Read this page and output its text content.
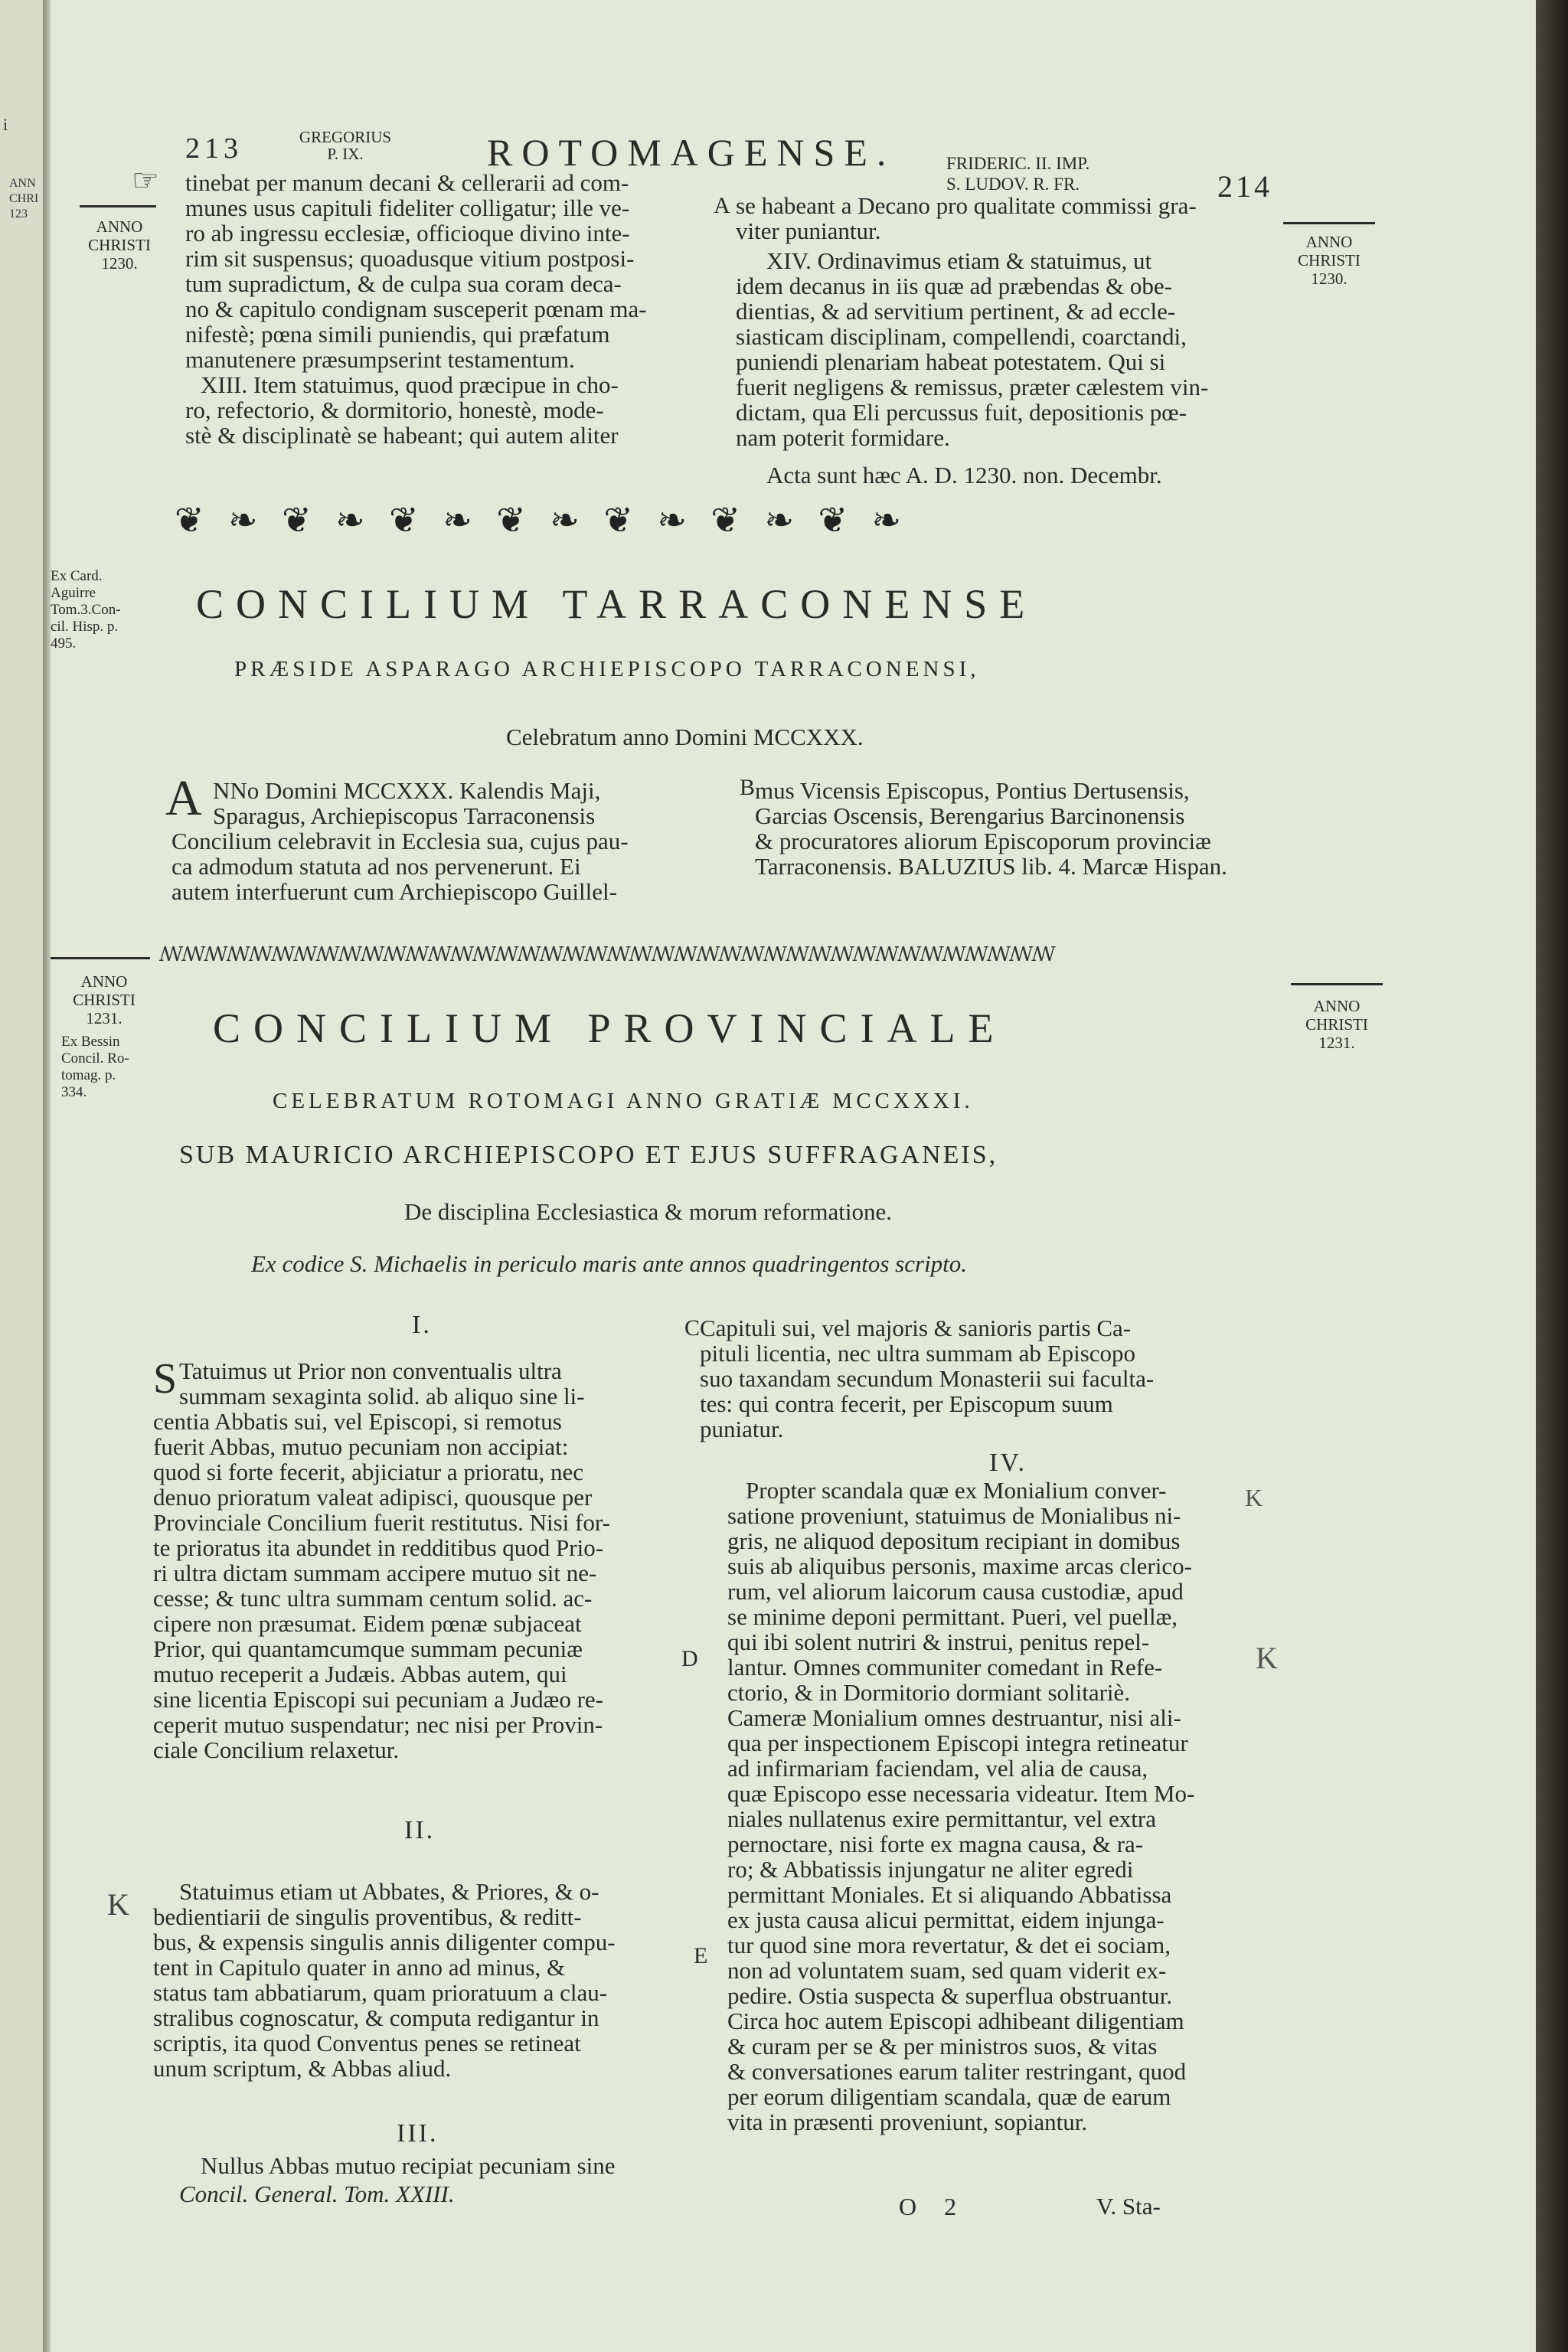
i
ANN
CHRI
123
213	GREGORIUS
P. IX.	ROTOMAGENSE.	FRIDERIC. II. IMP.
S. LUDOV. R. FR.	214
☞
ANNO
CHRISTI
1230.
ANNO
CHRISTI
1230.
tinebat per manum decani & cellerarii ad com-
munes usus capituli fideliter colligatur; ille ve-
ro ab ingressu ecclesiæ, officioque divino inte-
rim sit suspensus; quoadusque vitium postposi-
tum supradictum, & de culpa sua coram deca-
no & capitulo condignam susceperit pœnam ma-
nifestè; pœna simili puniendis, qui præfatum
manutenere præsumpserint testamentum.
XIII. Item statuimus, quod præcipue in cho-
ro, refectorio, & dormitorio, honestè, mode-
stè & disciplinatè se habeant; qui autem aliter
A se habeant a Decano pro qualitate commissi gra-
viter puniantur.
XIV. Ordinavimus etiam & statuimus, ut
idem decanus in iis quæ ad præbendas & obe-
dientias, & ad servitium pertinent, & ad eccle-
siasticam disciplinam, compellendi, coarctandi,
puniendi plenariam habeat potestatem. Qui si
fuerit negligens & remissus, præter cælestem vin-
dictam, qua Eli percussus fuit, depositionis pœ-
nam poterit formidare.
Acta sunt hæc A. D. 1230. non. Decembr.
❦ ❧ ❦ ❧ ❦ ❧ ❦ ❧ ❦ ❧ ❦ ❧ ❦ ❧
Ex Card.
Aguirre
Tom.3.Con-
cil. Hisp. p.
495.
CONCILIUM TARRACONENSE
PRÆSIDE ASPARAGO ARCHIEPISCOPO TARRACONENSI,
Celebratum anno Domini MCCXXX.
A NNo Domini MCCXXX. Kalendis Maji,
Sparagus, Archiepiscopus Tarraconensis
Concilium celebravit in Ecclesia sua, cujus pau-
ca admodum statuta ad nos pervenerunt. Ei
autem interfuerunt cum Archiepiscopo Guillel-
B mus Vicensis Episcopus, Pontius Dertusensis,
Garcias Oscensis, Berengarius Barcinonensis
& procuratores aliorum Episcoporum provinciæ
Tarraconensis. BALUZIUS lib. 4. Marcæ Hispan.
ꟿꟿꟿꟿꟿꟿꟿꟿꟿꟿꟿꟿꟿꟿꟿꟿꟿꟿꟿꟿꟿꟿꟿꟿꟿꟿꟿꟿꟿꟿꟿꟿꟿꟿꟿꟿꟿꟿꟿꟿ
ANNO
CHRISTI
1231.
Ex Bessin
Concil. Ro-
tomag. p.
334.
ANNO
CHRISTI
1231.
CONCILIUM PROVINCIALE
CELEBRATUM ROTOMAGI ANNO GRATIÆ MCCXXXI.
SUB MAURICIO ARCHIEPISCOPO ET EJUS SUFFRAGANEIS,
De disciplina Ecclesiastica & morum reformatione.
Ex codice S. Michaelis in periculo maris ante annos quadringentos scripto.
I.
S Tatuimus ut Prior non conventualis ultra
summam sexaginta solid. ab aliquo sine li-
centia Abbatis sui, vel Episcopi, si remotus
fuerit Abbas, mutuo pecuniam non accipiat:
quod si forte fecerit, abjiciatur a prioratu, nec
denuo prioratum valeat adipisci, quousque per
Provinciale Concilium fuerit restitutus. Nisi for-
te prioratus ita abundet in redditibus quod Prio-
ri ultra dictam summam accipere mutuo sit ne-
cesse; & tunc ultra summam centum solid. ac-
cipere non præsumat. Eidem pœnæ subjaceat
Prior, qui quantamcumque summam pecuniæ
mutuo receperit a Judæis. Abbas autem, qui
sine licentia Episcopi sui pecuniam a Judæo re-
ceperit mutuo suspendatur; nec nisi per Provin-
ciale Concilium relaxetur.
II.
K Statuimus etiam ut Abbates, & Priores, & o-
bedientiarii de singulis proventibus, & reditt-
bus, & expensis singulis annis diligenter compu-
tent in Capitulo quater in anno ad minus, &
status tam abbatiarum, quam prioratuum a clau-
stralibus cognoscatur, & computa redigantur in
scriptis, ita quod Conventus penes se retineat
unum scriptum, & Abbas aliud.
III.
Nullus Abbas mutuo recipiat pecuniam sine
Concil. General. Tom. XXIII.
C Capituli sui, vel majoris & sanioris partis Ca-
pituli licentia, nec ultra summam ab Episcopo
suo taxandam secundum Monasterii sui faculta-
tes: qui contra fecerit, per Episcopum suum
puniatur.
IV.
K
D	K
E
Propter scandala quæ ex Monialium conver-
satione proveniunt, statuimus de Monialibus ni-
gris, ne aliquod depositum recipiant in domibus
suis ab aliquibus personis, maxime arcas clerico-
rum, vel aliorum laicorum causa custodiæ, apud
se minime deponi permittant. Pueri, vel puellæ,
qui ibi solent nutriri & instrui, penitus repel-
lantur. Omnes communiter comedant in Refe-
ctorio, & in Dormitorio dormiant solitariè.
Cameræ Monialium omnes destruantur, nisi ali-
qua per inspectionem Episcopi integra retineatur
ad infirmariam faciendam, vel alia de causa,
quæ Episcopo esse necessaria videatur. Item Mo-
niales nullatenus exire permittantur, vel extra
pernoctare, nisi forte ex magna causa, & ra-
ro; & Abbatissis injungatur ne aliter egredi
permittant Moniales. Et si aliquando Abbatissa
ex justa causa alicui permittat, eidem injunga-
tur quod sine mora revertatur, & det ei sociam,
non ad voluntatem suam, sed quam viderit ex-
pedire. Ostia suspecta & superflua obstruantur.
Circa hoc autem Episcopi adhibeant diligentiam
& curam per se & per ministros suos, & vitas
& conversationes earum taliter restringant, quod
per eorum diligentiam scandala, quæ de earum
vita in præsenti proveniunt, sopiantur.
O 2	V. Sta-
